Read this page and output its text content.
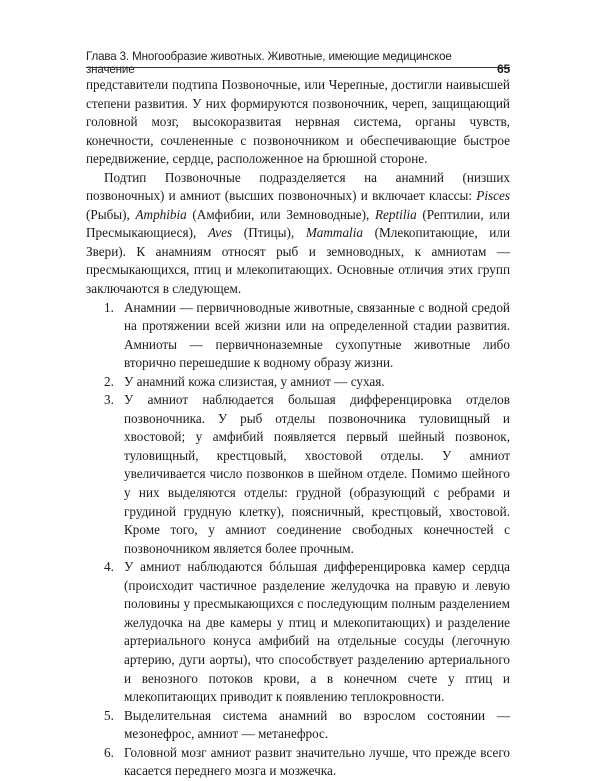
Глава 3. Многообразие животных. Животные, имеющие медицинское значение	65

представители подтипа Позвоночные, или Черепные, достигли наивысшей степени развития. У них формируются позвоночник, череп, защищающий головной мозг, высокоразвитая нервная система, органы чувств, конечности, сочлененные с позвоночником и обеспечивающие быстрое передвижение, сердце, расположенное на брюшной стороне.

Подтип Позвоночные подразделяется на анамний (низших позвоночных) и амниот (высших позвоночных) и включает классы: Pisces (Рыбы), Amphibia (Амфибии, или Земноводные), Reptilia (Рептилии, или Пресмыкающиеся), Aves (Птицы), Mammalia (Млекопитающие, или Звери). К анамниям относят рыб и земноводных, к амниотам — пресмыкающихся, птиц и млекопитающих. Основные отличия этих групп заключаются в следующем.

1. Анамнии — первичноводные животные, связанные с водной средой на протяжении всей жизни или на определенной стадии развития. Амниоты — первичноназемные сухопутные животные либо вторично перешедшие к водному образу жизни.
2. У анамний кожа слизистая, у амниот — сухая.
3. У амниот наблюдается большая дифференцировка отделов позвоночника. У рыб отделы позвоночника туловищный и хвостовой; у амфибий появляется первый шейный позвонок, туловищный, крестцовый, хвостовой отделы. У амниот увеличивается число позвонков в шейном отделе. Помимо шейного у них выделяются отделы: грудной (образующий с ребрами и грудиной грудную клетку), поясничный, крестцовый, хвостовой. Кроме того, у амниот соединение свободных конечностей с позвоночником является более прочным.
4. У амниот наблюдаются бóльшая дифференцировка камер сердца (происходит частичное разделение желудочка на правую и левую половины у пресмыкающихся с последующим полным разделением желудочка на две камеры у птиц и млекопитающих) и разделение артериального конуса амфибий на отдельные сосуды (легочную артерию, дуги аорты), что способствует разделению артериального и венозного потоков крови, а в конечном счете у птиц и млекопитающих приводит к появлению теплокровности.
5. Выделительная система анамний во взрослом состоянии — мезонефрос, амниот — метанефрос.
6. Головной мозг амниот развит значительно лучше, что прежде всего касается переднего мозга и мозжечка.
